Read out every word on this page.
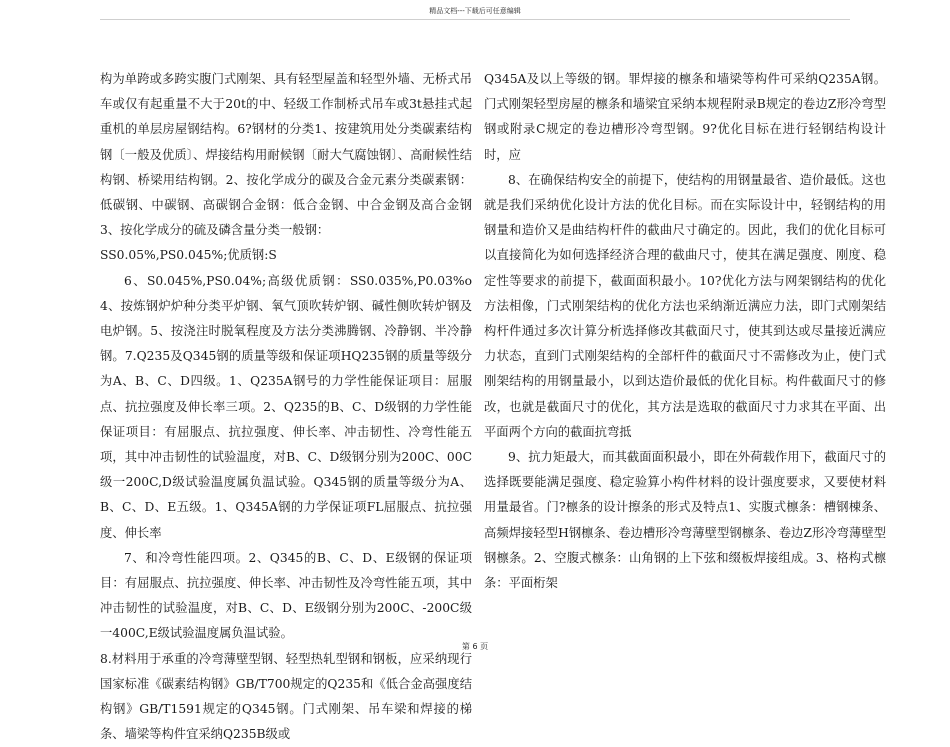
精品文档---下载后可任意编辑

构为单跨或多跨实腹门式刚架、具有轻型屋盖和轻型外墙、无桥式吊车或仅有起重量不大于20t的中、轻级工作制桥式吊车或3t悬挂式起重机的单层房屋钢结构。6?钢材的分类1、按建筑用处分类碳素结构钢〔一般及优质〕、焊接结构用耐候钢〔耐大气腐蚀钢〕、高耐候性结构钢、桥梁用结构钢。2、按化学成分的碳及合金元素分类碳素钢：低碳钢、中碳钢、高碳钢合金钢：低合金钢、中合金钢及高合金钢3、按化学成分的硫及磷含量分类一般钢：

SS0.05%,PS0.045%;优质钢:S

6、S0.045%,PS0.04%;高级优质钢：SS0.035%,P0.03%o4、按炼钢炉炉种分类平炉钢、氧气顶吹转炉钢、碱性侧吹转炉钢及电炉钢。5、按浇注时脱氧程度及方法分类沸腾钢、冷静钢、半冷静钢。7.Q235及Q345钢的质量等级和保证项HQ235钢的质量等级分为A、B、C、D四级。1、Q235A钢号的力学性能保证项目：屈服点、抗拉强度及伸长率三项。2、Q235的B、C、D级钢的力学性能保证项目：有屈服点、抗拉强度、伸长率、冲击韧性、冷弯性能五项，其中冲击韧性的试验温度，对B、C、D级钢分别为200C、00C级一200C,D级试验温度属负温试验。Q345钢的质量等级分为A、B、C、D、E五级。1、Q345A钢的力学保证项FL屈服点、抗拉强度、伸长率

7、和冷弯性能四项。2、Q345的B、C、D、E级钢的保证项目：有屈服点、抗拉强度、伸长率、冲击韧性及冷弯性能五项，其中冲击韧性的试验温度，对B、C、D、E级钢分别为200C、-200C级一400C,E级试验温度属负温试验。

8.材料用于承重的冷弯薄壁型钢、轻型热轧型钢和钢板，应采纳现行国家标准《碳素结构钢》GB/T700规定的Q235和《低合金高强度结构钢》GB/T1591规定的Q345钢。门式刚架、吊车梁和焊接的梯条、墙梁等构件宜采纳Q235B级或

Q345A及以上等级的钢。罪焊接的檩条和墙梁等构件可采纳Q235A钢。门式刚架轻型房屋的檩条和墙梁宜采纳本规程附录B规定的卷边Z形冷弯型钢或附录C规定的卷边槽形冷弯型钢。9?优化目标在进行轻钢结构设计时，应

8、在确保结构安全的前提下，使结构的用钢量最省、造价最低。这也就是我们采纳优化设计方法的优化目标。而在实际设计中，轻钢结构的用钢量和造价又是曲结构杆件的截曲尺寸确定的。因此，我们的优化目标可以直接简化为如何选择经济合理的截曲尺寸，使其在满足强度、刚度、稳定性等要求的前提下，截面面积最小。10?优化方法与网架钢结构的优化方法相像，门式刚架结构的优化方法也采纳渐近满应力法，即门式刚架结构杆件通过多次计算分析选择修改其截面尺寸，使其到达或尽量接近满应力状态，直到门式刚架结构的全部杆件的截面尺寸不需修改为止，使门式刚架结构的用钢量最小，以到达造价最低的优化目标。构件截面尺寸的修改，也就是截面尺寸的优化，其方法是选取的截面尺寸力求其在平面、出平面两个方向的截面抗弯抵

9、抗力矩最大，而其截面面积最小，即在外荷载作用下，截面尺寸的选择既要能满足强度、稳定验算小构件材料的设计强度要求，又要使材料用量最省。门?檩条的设计擦条的形式及特点1、实腹式檩条：槽钢棟条、高频焊接轻型H钢檩条、卷边槽形冷弯薄壁型钢檩条、卷边Z形冷弯薄壁型钢檩条。2、空腹式檩条：山角钢的上下弦和缀板焊接组成。3、格构式檩条：平面桁架

第 6 页
